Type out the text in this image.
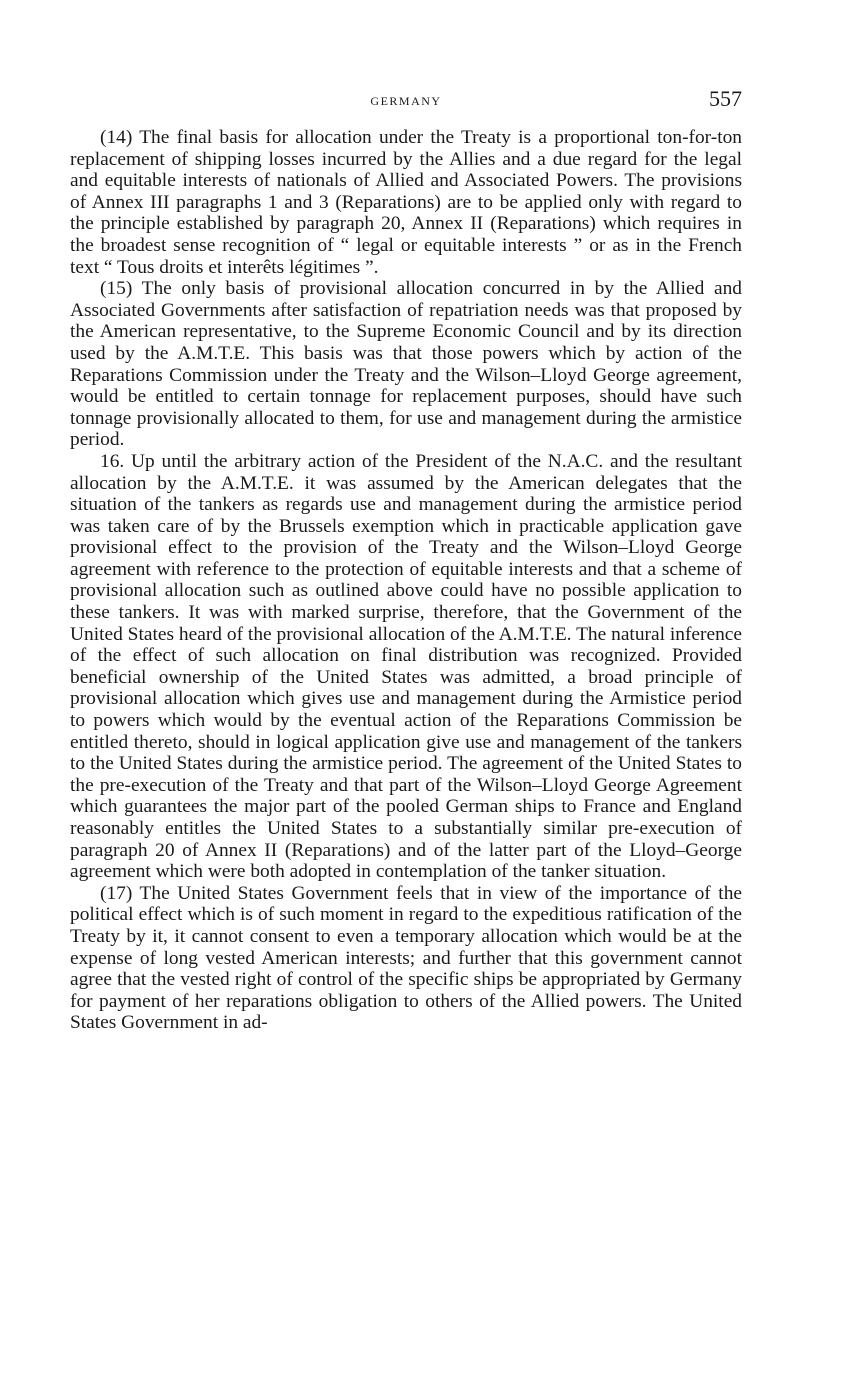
GERMANY	557

(14) The final basis for allocation under the Treaty is a proportional ton-for-ton replacement of shipping losses incurred by the Allies and a due regard for the legal and equitable interests of nationals of Allied and Associated Powers. The provisions of Annex III paragraphs 1 and 3 (Reparations) are to be applied only with regard to the principle established by paragraph 20, Annex II (Reparations) which requires in the broadest sense recognition of “ legal or equitable interests ” or as in the French text “ Tous droits et interêts légitimes ”.

(15) The only basis of provisional allocation concurred in by the Allied and Associated Governments after satisfaction of repatriation needs was that proposed by the American representative, to the Supreme Economic Council and by its direction used by the A.M.T.E. This basis was that those powers which by action of the Reparations Commission under the Treaty and the Wilson–Lloyd George agreement, would be entitled to certain tonnage for replacement purposes, should have such tonnage provisionally allocated to them, for use and management during the armistice period.

16. Up until the arbitrary action of the President of the N.A.C. and the resultant allocation by the A.M.T.E. it was assumed by the American delegates that the situation of the tankers as regards use and management during the armistice period was taken care of by the Brussels exemption which in practicable application gave provisional effect to the provision of the Treaty and the Wilson–Lloyd George agreement with reference to the protection of equitable interests and that a scheme of provisional allocation such as outlined above could have no possible application to these tankers. It was with marked surprise, therefore, that the Government of the United States heard of the provisional allocation of the A.M.T.E. The natural inference of the effect of such allocation on final distribution was recognized. Provided beneficial ownership of the United States was admitted, a broad principle of provisional allocation which gives use and management during the Armistice period to powers which would by the eventual action of the Reparations Commission be entitled thereto, should in logical application give use and management of the tankers to the United States during the armistice period. The agreement of the United States to the pre-execution of the Treaty and that part of the Wilson–Lloyd George Agreement which guarantees the major part of the pooled German ships to France and England reasonably entitles the United States to a substantially similar pre-execution of paragraph 20 of Annex II (Reparations) and of the latter part of the Lloyd–George agreement which were both adopted in contemplation of the tanker situation.

(17) The United States Government feels that in view of the importance of the political effect which is of such moment in regard to the expeditious ratification of the Treaty by it, it cannot consent to even a temporary allocation which would be at the expense of long vested American interests; and further that this government cannot agree that the vested right of control of the specific ships be appropriated by Germany for payment of her reparations obligation to others of the Allied powers. The United States Government in ad-
